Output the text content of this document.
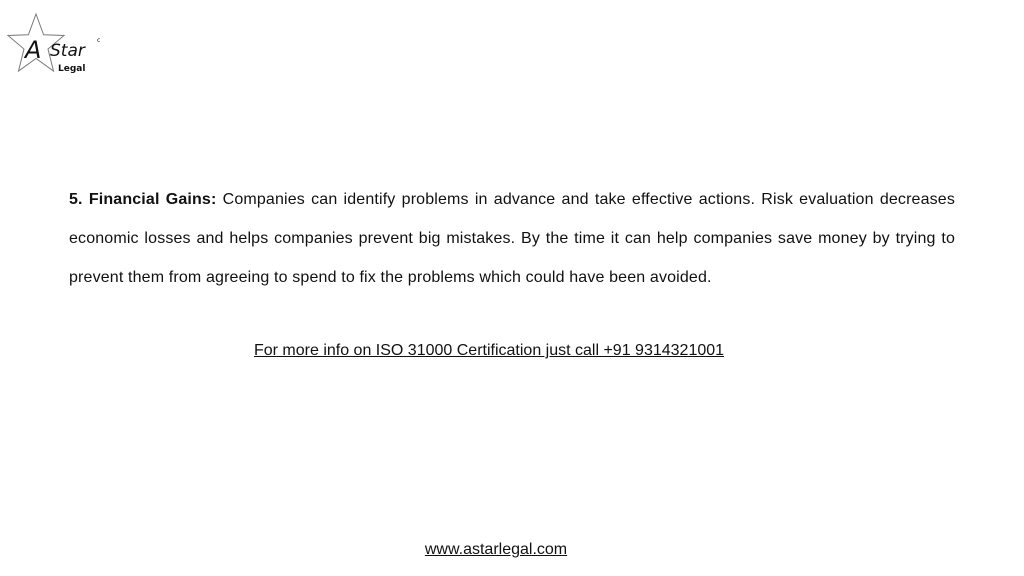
A Star
Legal
c
5. Financial Gains: Companies can identify problems in advance and take effective actions. Risk evaluation decreases economic losses and helps companies prevent big mistakes. By the time it can help companies save money by trying to prevent them from agreeing to spend to fix the problems which could have been avoided.
For more info on ISO 31000 Certification just call +91 9314321001
www.astarlegal.com
